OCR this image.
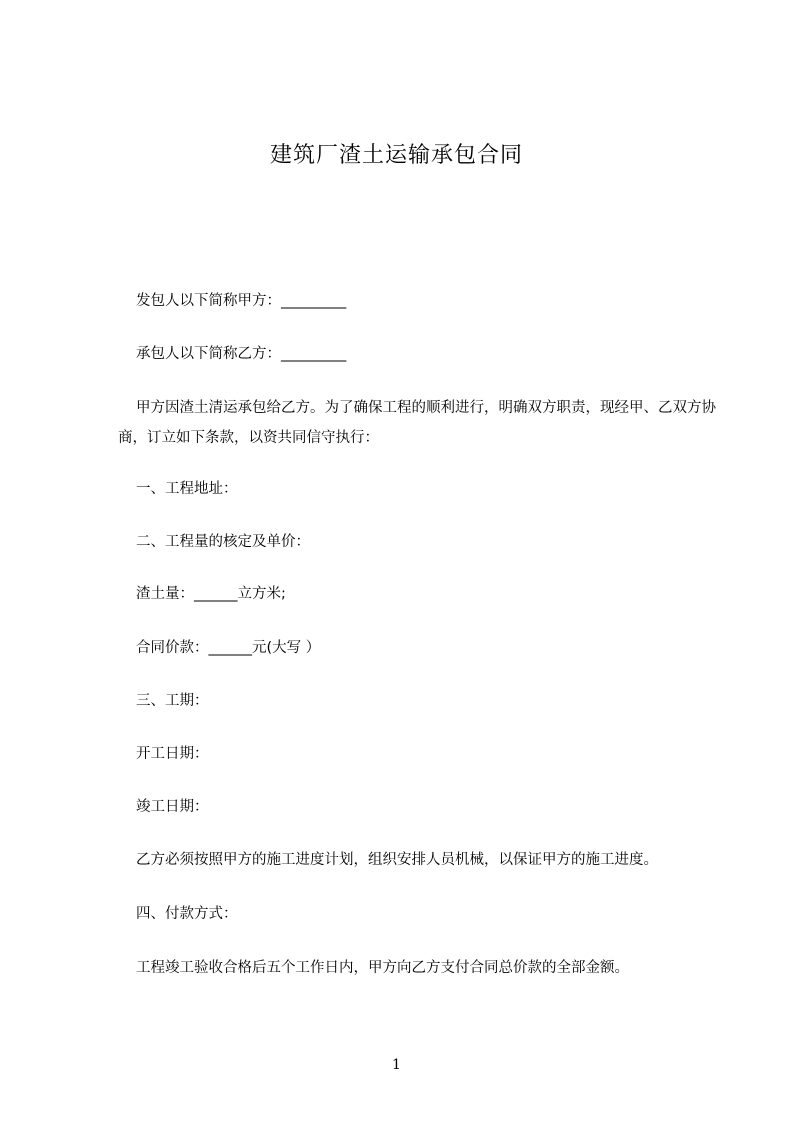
建筑厂渣土运输承包合同
发包人以下简称甲方：_________
承包人以下简称乙方：_________
甲方因渣土清运承包给乙方。为了确保工程的顺利进行，明确双方职责，现经甲、乙双方协商，订立如下条款，以资共同信守执行：
一、工程地址：
二、工程量的核定及单价：
渣土量：______立方米;
合同价款：______元(大写 ）
三、工期：
开工日期：
竣工日期：
乙方必须按照甲方的施工进度计划，组织安排人员机械，以保证甲方的施工进度。
四、付款方式：
工程竣工验收合格后五个工作日内，甲方向乙方支付合同总价款的全部金额。
1
